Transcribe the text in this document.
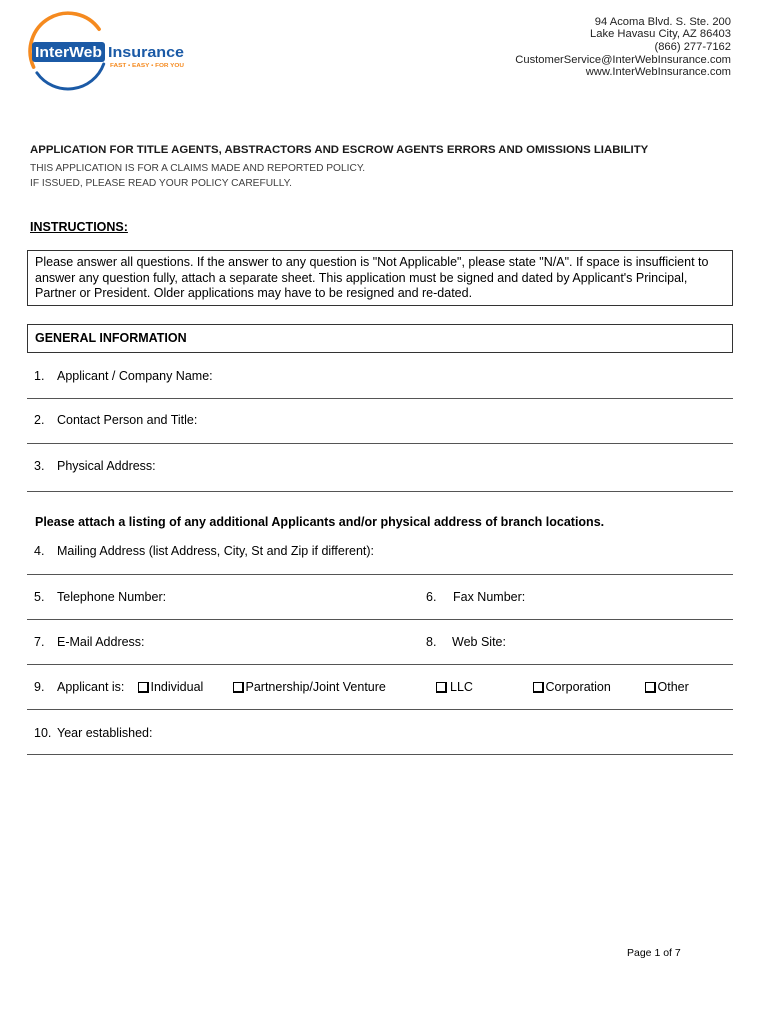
InterWeb Insurance
FAST • EASY • FOR YOU
94 Acoma Blvd. S. Ste. 200
Lake Havasu City, AZ 86403
(866) 277-7162
CustomerService@InterWebInsurance.com
www.InterWebInsurance.com
APPLICATION FOR TITLE AGENTS, ABSTRACTORS AND ESCROW AGENTS ERRORS AND OMISSIONS LIABILITY
THIS APPLICATION IS FOR A CLAIMS MADE AND REPORTED POLICY.
IF ISSUED, PLEASE READ YOUR POLICY CAREFULLY.
INSTRUCTIONS:
Please answer all questions. If the answer to any question is "Not Applicable", please state "N/A". If space is insufficient to
answer any question fully, attach a separate sheet. This application must be signed and dated by Applicant's Principal,
Partner or President. Older applications may have to be resigned and re-dated.
GENERAL INFORMATION
1.	Applicant / Company Name:
2.	Contact Person and Title:
3.	Physical Address:
Please attach a listing of any additional Applicants and/or physical address of branch locations.
4.	Mailing Address (list Address, City, St and Zip if different):
5.	Telephone Number:	6.	Fax Number:
7.	E-Mail Address:	8.	Web Site:
9.	Applicant is: Individual	Partnership/Joint Venture	LLC	Corporation	Other
10. Year established:
Page 1 of 7
